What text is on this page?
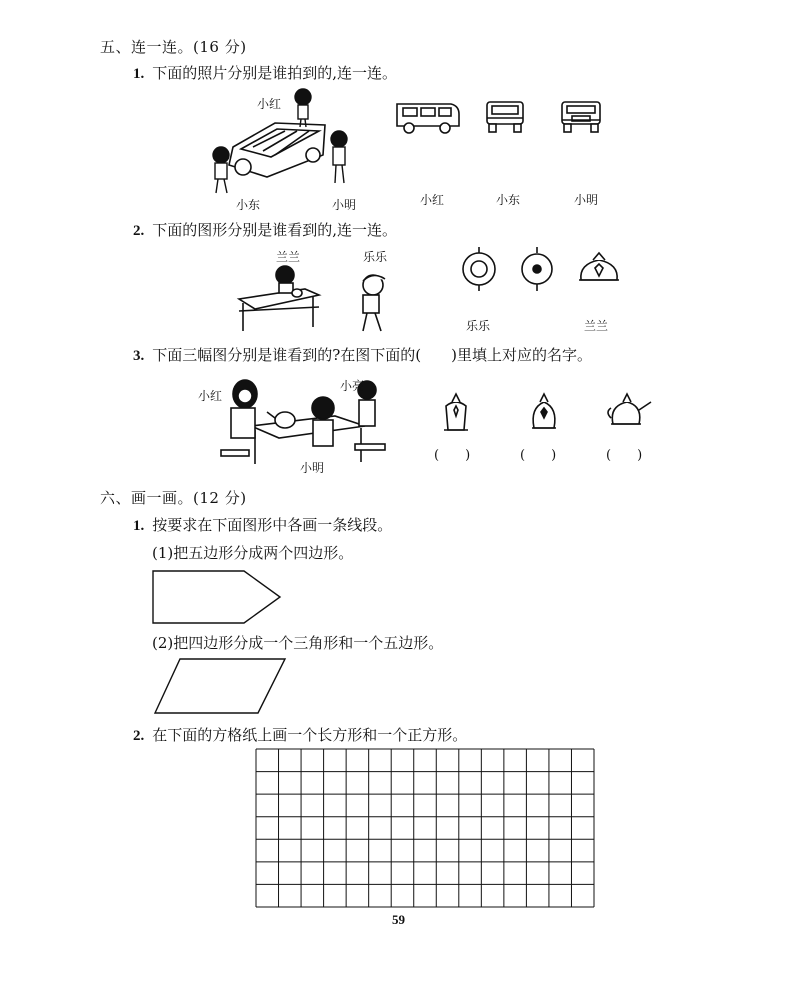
五、连一连。(16 分)
1. 下面的照片分别是谁拍到的,连一连。
小红
小东	小明	小红	小东	小明
2. 下面的图形分别是谁看到的,连一连。
兰兰	乐乐
乐乐	兰兰
3. 下面三幅图分别是谁看到的?在图下面的(　　)里填上对应的名字。
小红
小亮
小明
(　　)	(　　)	(　　)
六、画一画。(12 分)
1. 按要求在下面图形中各画一条线段。
(1)把五边形分成两个四边形。
(2)把四边形分成一个三角形和一个五边形。
2. 在下面的方格纸上画一个长方形和一个正方形。
59
